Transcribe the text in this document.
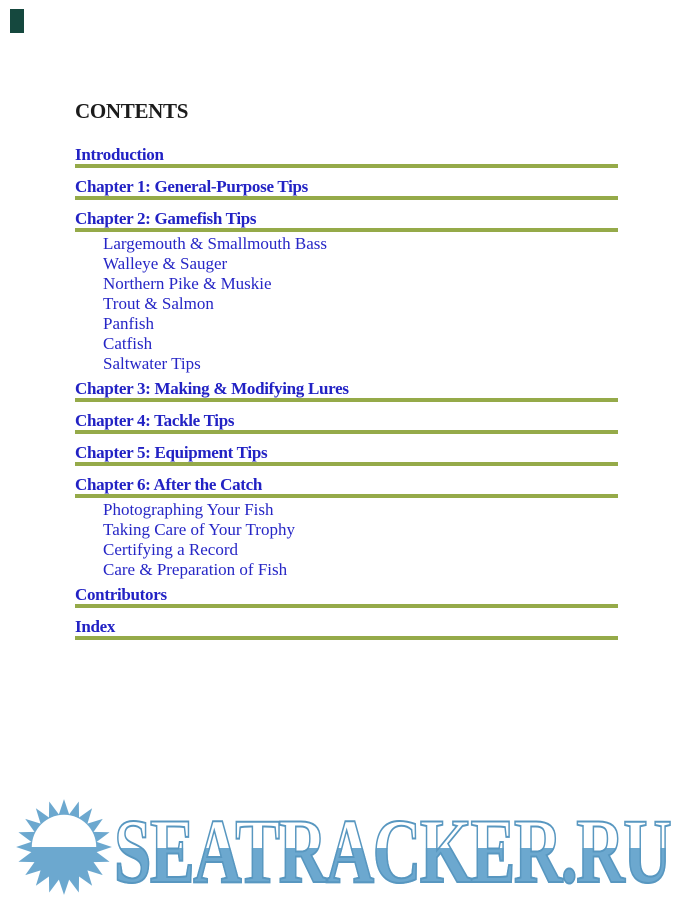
CONTENTS
Introduction
Chapter 1: General-Purpose Tips
Chapter 2: Gamefish Tips
Largemouth & Smallmouth Bass
Walleye & Sauger
Northern Pike & Muskie
Trout & Salmon
Panfish
Catfish
Saltwater Tips
Chapter 3: Making & Modifying Lures
Chapter 4: Tackle Tips
Chapter 5: Equipment Tips
Chapter 6: After the Catch
Photographing Your Fish
Taking Care of Your Trophy
Certifying a Record
Care & Preparation of Fish
Contributors
Index
SEATRACKER.RU
